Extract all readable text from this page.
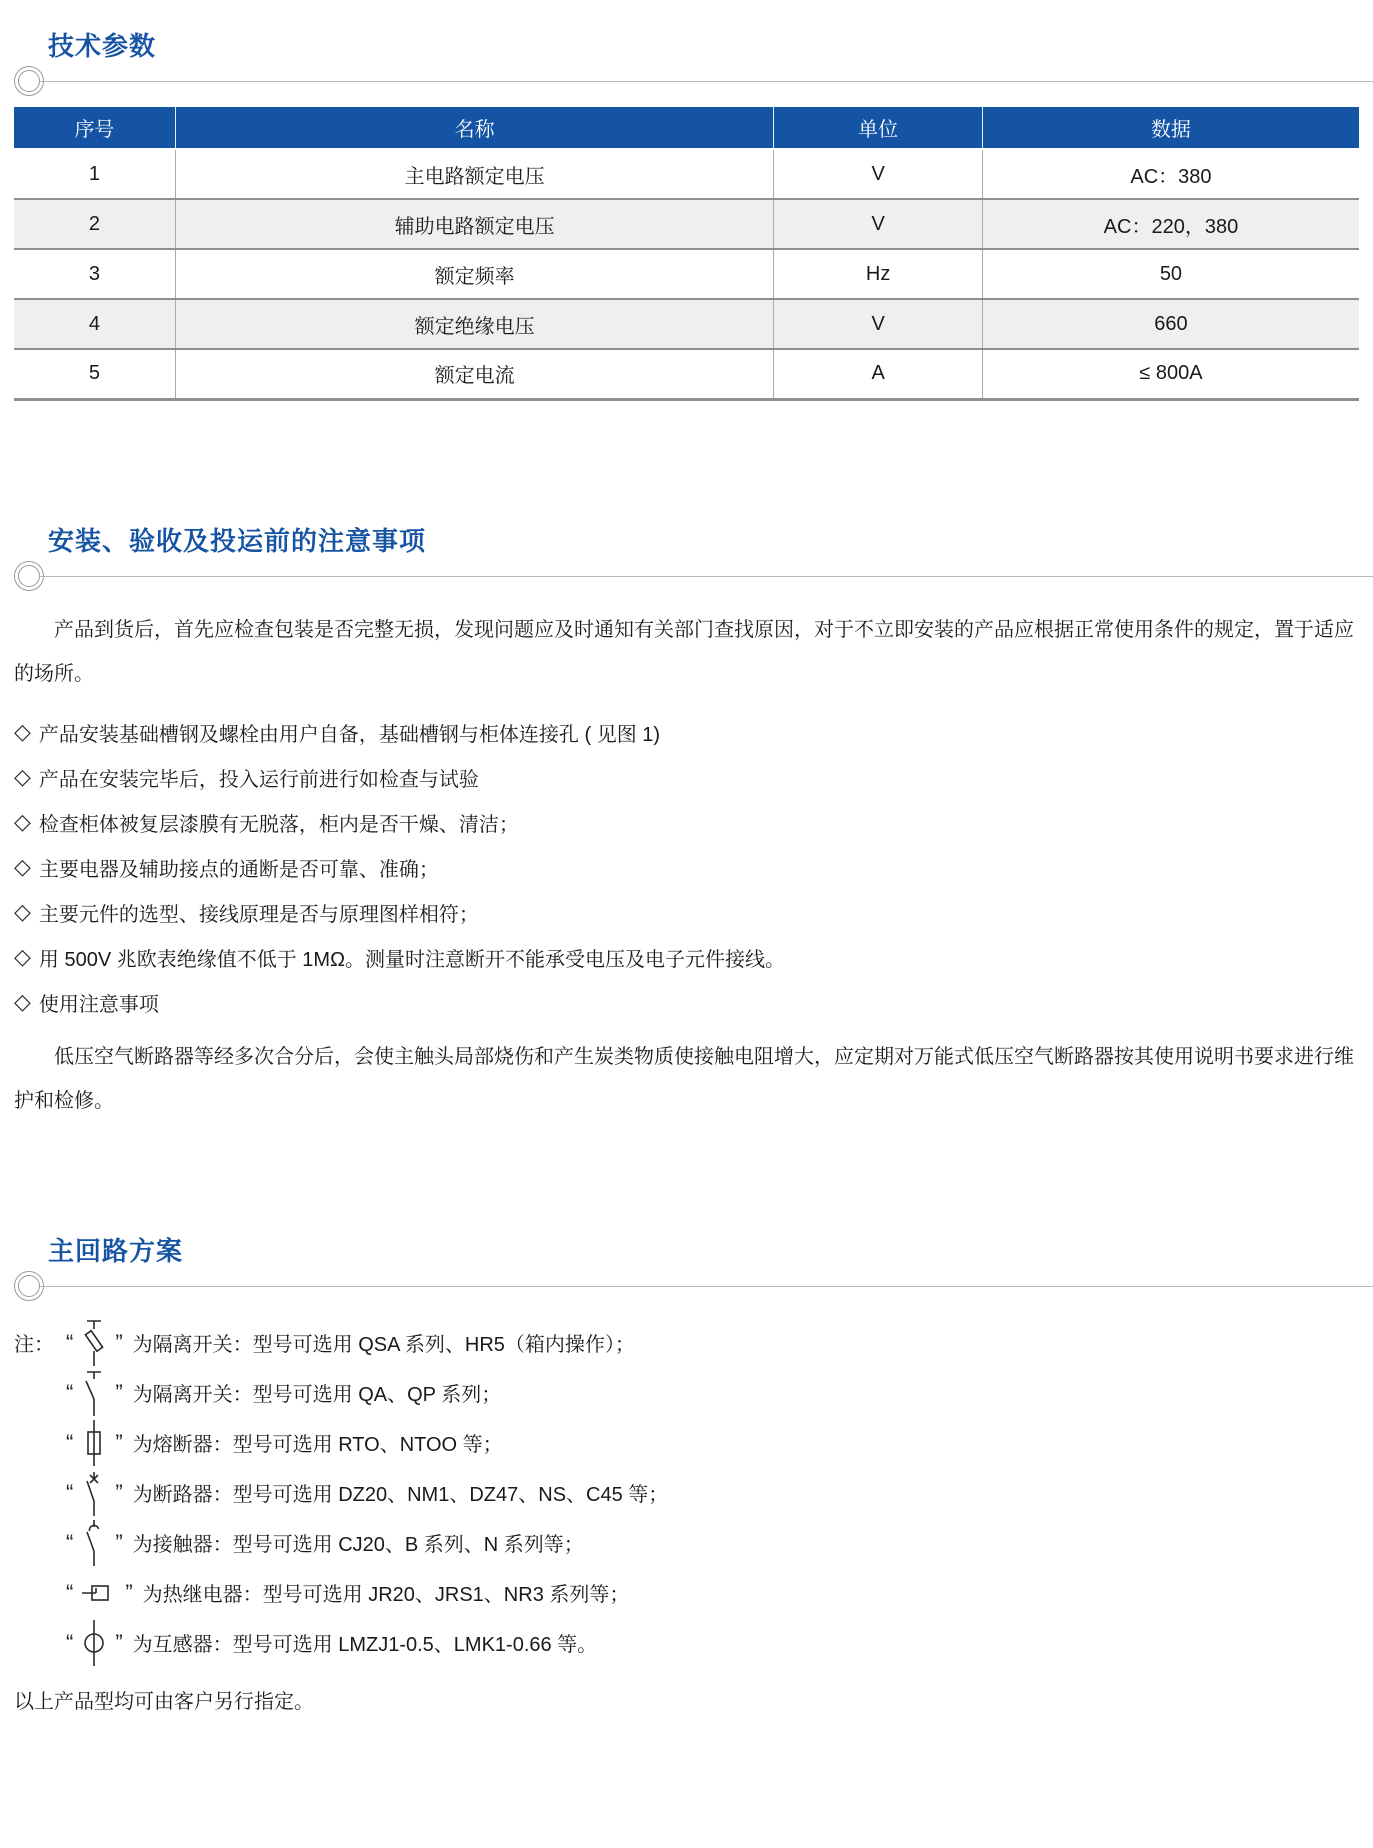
技术参数
序号	名称	单位	数据
1	主电路额定电压	V	AC：380
2	辅助电路额定电压	V	AC：220，380
3	额定频率	Hz	50
4	额定绝缘电压	V	660
5	额定电流	A	≤ 800A
安装、验收及投运前的注意事项

产品到货后，首先应检查包装是否完整无损，发现问题应及时通知有关部门查找原因，对于不立即安装的产品应根据正常使用条件的规定，置于适应的场所。

◇ 产品安装基础槽钢及螺栓由用户自备，基础槽钢与柜体连接孔 ( 见图 1)
◇ 产品在安装完毕后，投入运行前进行如检查与试验
◇ 检查柜体被复层漆膜有无脱落，柜内是否干燥、清洁；
◇ 主要电器及辅助接点的通断是否可靠、准确；
◇ 主要元件的选型、接线原理是否与原理图样相符；
◇ 用 500V 兆欧表绝缘值不低于 1MΩ。测量时注意断开不能承受电压及电子元件接线。
◇ 使用注意事项

低压空气断路器等经多次合分后，会使主触头局部烧伤和产生炭类物质使接触电阻增大，应定期对万能式低压空气断路器按其使用说明书要求进行维护和检修。

主回路方案
注： “ ” 为隔离开关：型号可选用 QSA 系列、HR5（箱内操作）；
“ ” 为隔离开关：型号可选用 QA、QP 系列；
“ ” 为熔断器：型号可选用 RTO、NTOO 等；
“ ” 为断路器：型号可选用 DZ20、NM1、DZ47、NS、C45 等；
“ ” 为接触器：型号可选用 CJ20、B 系列、N 系列等；
“ ” 为热继电器：型号可选用 JR20、JRS1、NR3 系列等；
“ ” 为互感器：型号可选用 LMZJ1-0.5、LMK1-0.66 等。

以上产品型均可由客户另行指定。
